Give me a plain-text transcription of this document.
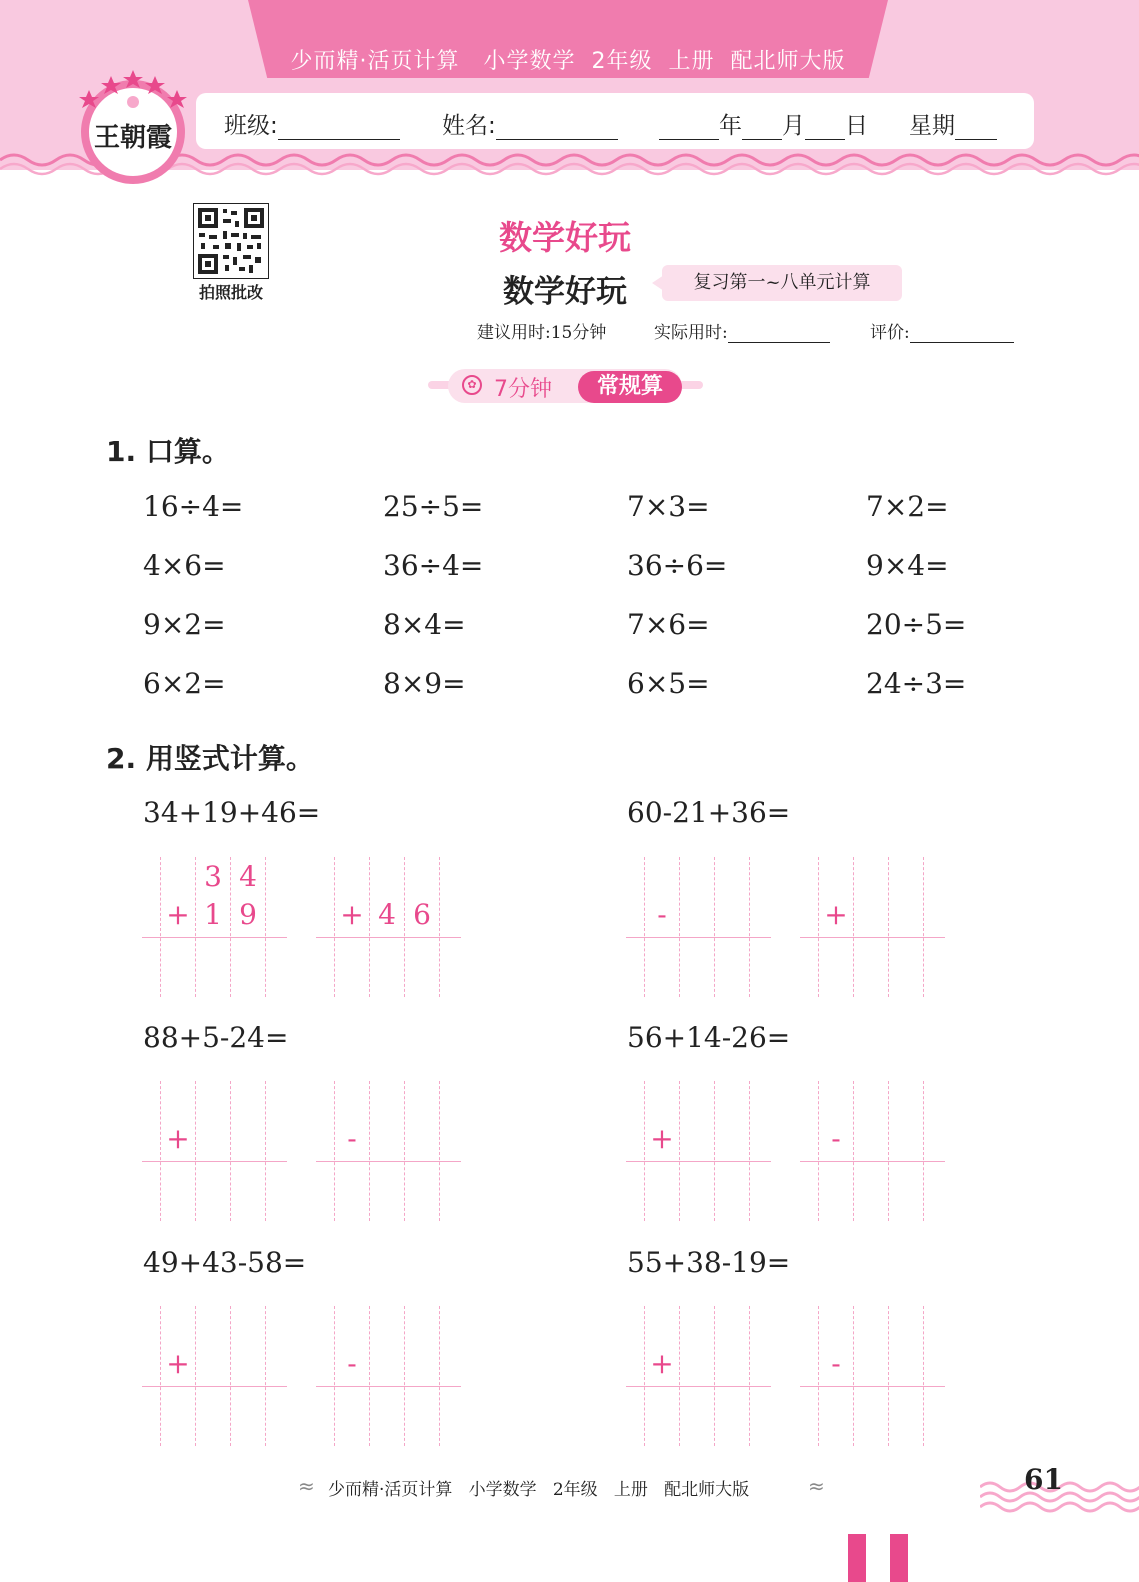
少而精·活页计算   小学数学  2年级  上册  配北师大版
班级:	姓名:	年 月 日 星期
王朝霞
拍照批改
数学好玩
数学好玩	复习第一~八单元计算
建议用时:15分钟	实际用时:	评价:
✿ 7分钟	常规算
1. 口算。
16÷4=	25÷5=	7×3=	7×2=
4×6=	36÷4=	36÷6=	9×4=
9×2=	8×4=	7×6=	20÷5=
6×2=	8×9=	6×5=	24÷3=
2. 用竖式计算。
34+19+46=	60-21+36=
88+5-24=	56+14-26=
49+43-58=	55+38-19=
3 4
+ 1 9	+ 4 6	-	+
+	-	+	-
+	-	+	-
≈ 少而精·活页计算   小学数学   2年级   上册   配北师大版	≈	61
